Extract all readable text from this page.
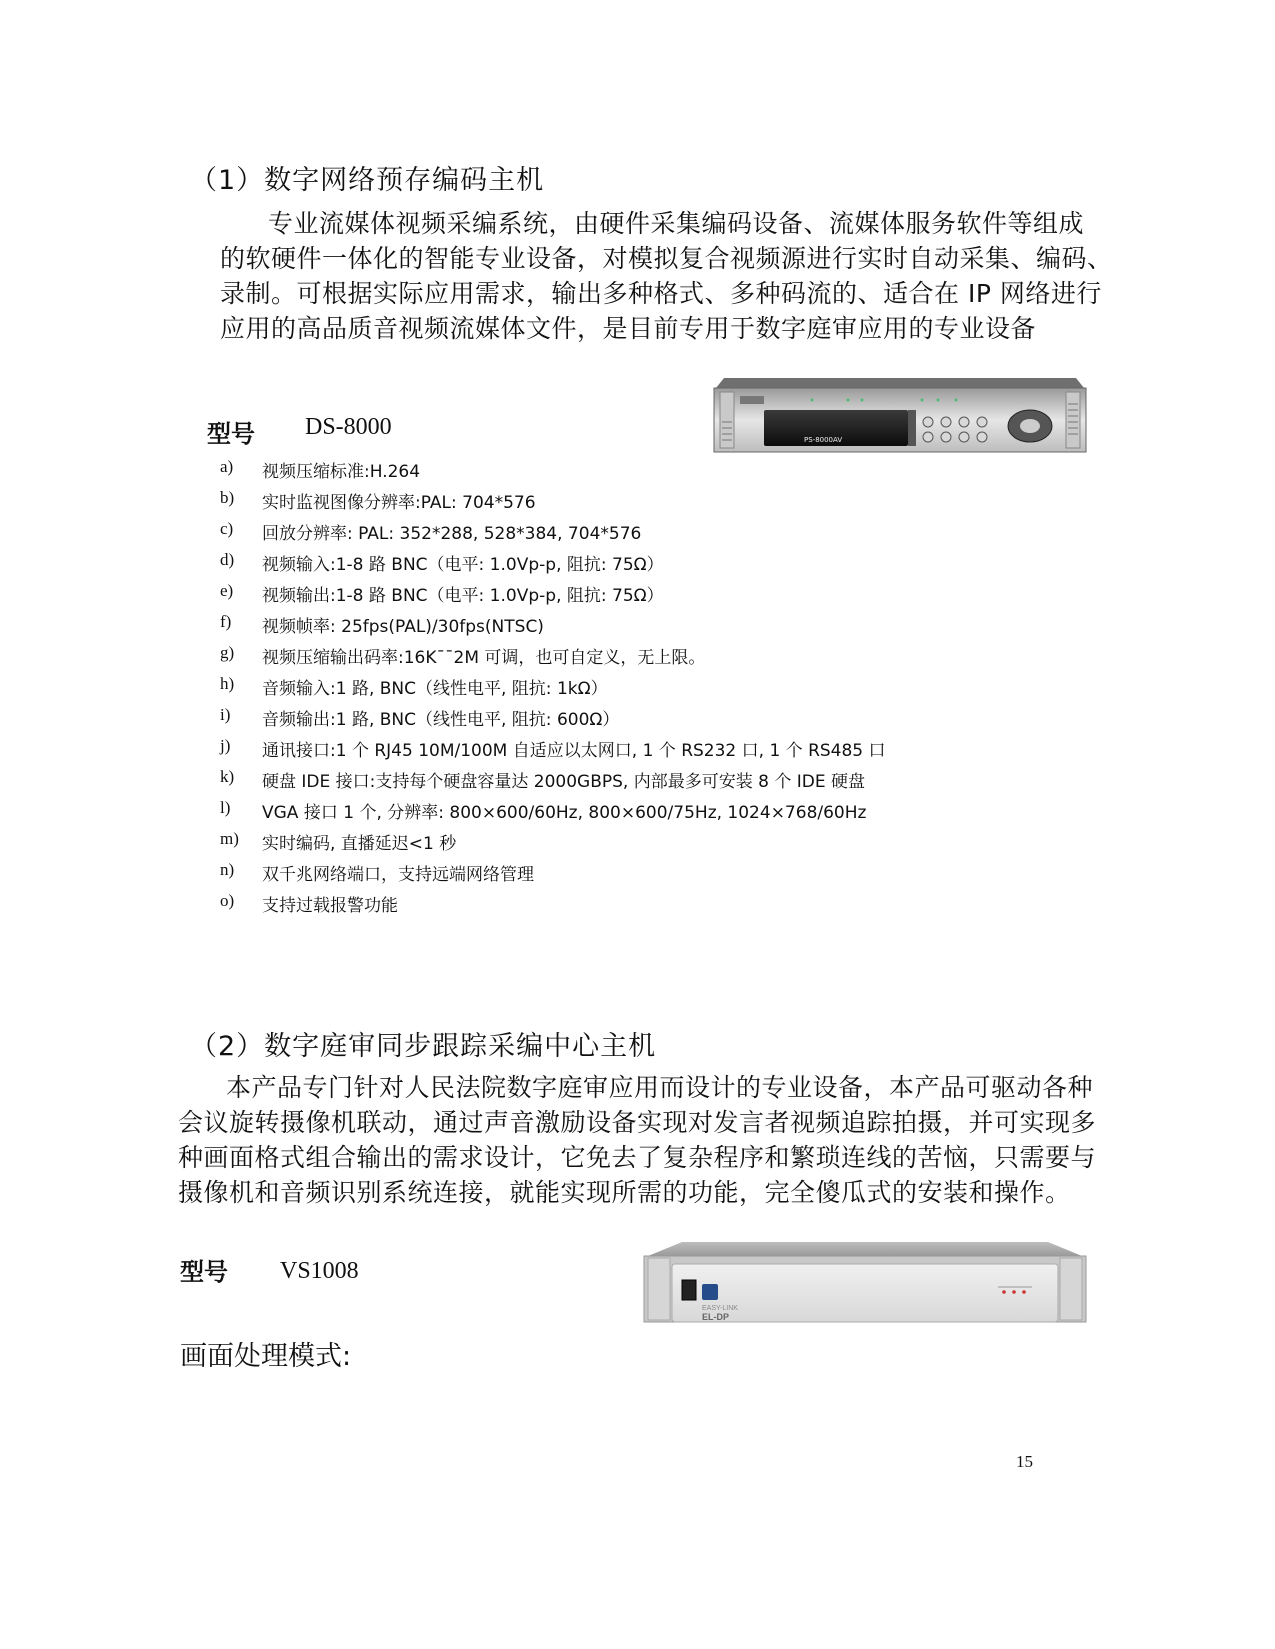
（1）数字网络预存编码主机

专业流媒体视频采编系统，由硬件采集编码设备、流媒体服务软件等组成

的软硬件一体化的智能专业设备，对模拟复合视频源进行实时自动采集、编码、

录制。可根据实际应用需求，输出多种格式、多种码流的、适合在 IP 网络进行

应用的高品质音视频流媒体文件，是目前专用于数字庭审应用的专业设备

型号 DS-8000	PS-8000AV
a) 视频压缩标准:H.264
b) 实时监视图像分辨率:PAL: 704*576
c) 回放分辨率: PAL: 352*288, 528*384, 704*576
d) 视频输入:1-8 路 BNC（电平: 1.0Vp-p, 阻抗: 75Ω）
e) 视频输出:1-8 路 BNC（电平: 1.0Vp-p, 阻抗: 75Ω）
f) 视频帧率: 25fps(PAL)/30fps(NTSC)
g) 视频压缩输出码率:16K¯¯2M 可调，也可自定义，无上限。
h) 音频输入:1 路, BNC（线性电平, 阻抗: 1kΩ）
i) 音频输出:1 路, BNC（线性电平, 阻抗: 600Ω）
j) 通讯接口:1 个 RJ45 10M/100M 自适应以太网口, 1 个 RS232 口, 1 个 RS485 口
k) 硬盘 IDE 接口:支持每个硬盘容量达 2000GBPS, 内部最多可安装 8 个 IDE 硬盘
l) VGA 接口 1 个, 分辨率: 800×600/60Hz, 800×600/75Hz, 1024×768/60Hz
m) 实时编码, 直播延迟<1 秒
n) 双千兆网络端口，支持远端网络管理
o) 支持过载报警功能
（2）数字庭审同步跟踪采编中心主机

本产品专门针对人民法院数字庭审应用而设计的专业设备，本产品可驱动各种

会议旋转摄像机联动，通过声音激励设备实现对发言者视频追踪拍摄，并可实现多

种画面格式组合输出的需求设计，它免去了复杂程序和繁琐连线的苦恼，只需要与

摄像机和音频识别系统连接，就能实现所需的功能，完全傻瓜式的安装和操作。

型号 VS1008
EASY-LINK
EL-DP
画面处理模式:
15
